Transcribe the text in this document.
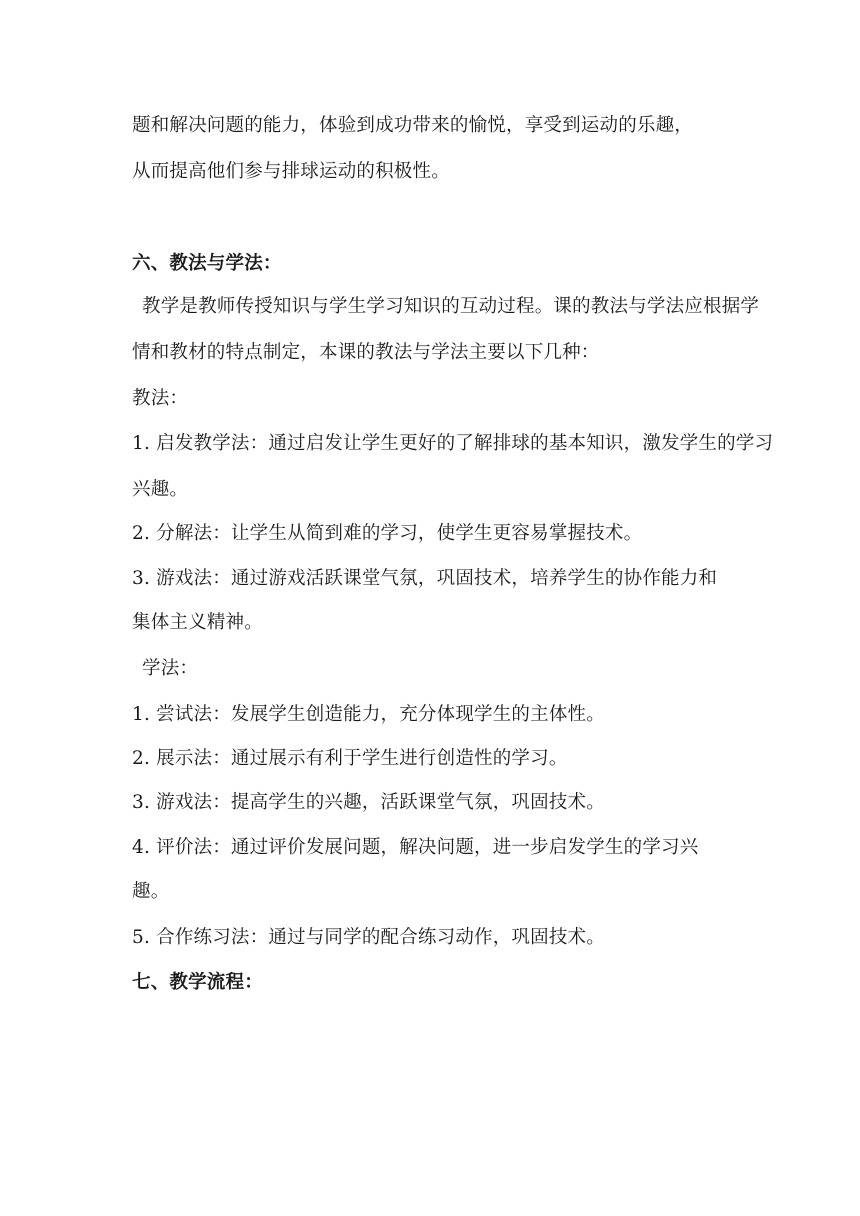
题和解决问题的能力，体验到成功带来的愉悦，享受到运动的乐趣，
从而提高他们参与排球运动的积极性。
六、教法与学法：
教学是教师传授知识与学生学习知识的互动过程。课的教法与学法应根据学
情和教材的特点制定，本课的教法与学法主要以下几种：
教法：
1. 启发教学法：通过启发让学生更好的了解排球的基本知识，激发学生的学习
兴趣。
2. 分解法：让学生从简到难的学习，使学生更容易掌握技术。
3. 游戏法：通过游戏活跃课堂气氛，巩固技术，培养学生的协作能力和
集体主义精神。
学法：
1. 尝试法：发展学生创造能力，充分体现学生的主体性。
2. 展示法：通过展示有利于学生进行创造性的学习。
3. 游戏法：提高学生的兴趣，活跃课堂气氛，巩固技术。
4. 评价法：通过评价发展问题，解决问题，进一步启发学生的学习兴
趣。
5. 合作练习法：通过与同学的配合练习动作，巩固技术。
七、教学流程：
